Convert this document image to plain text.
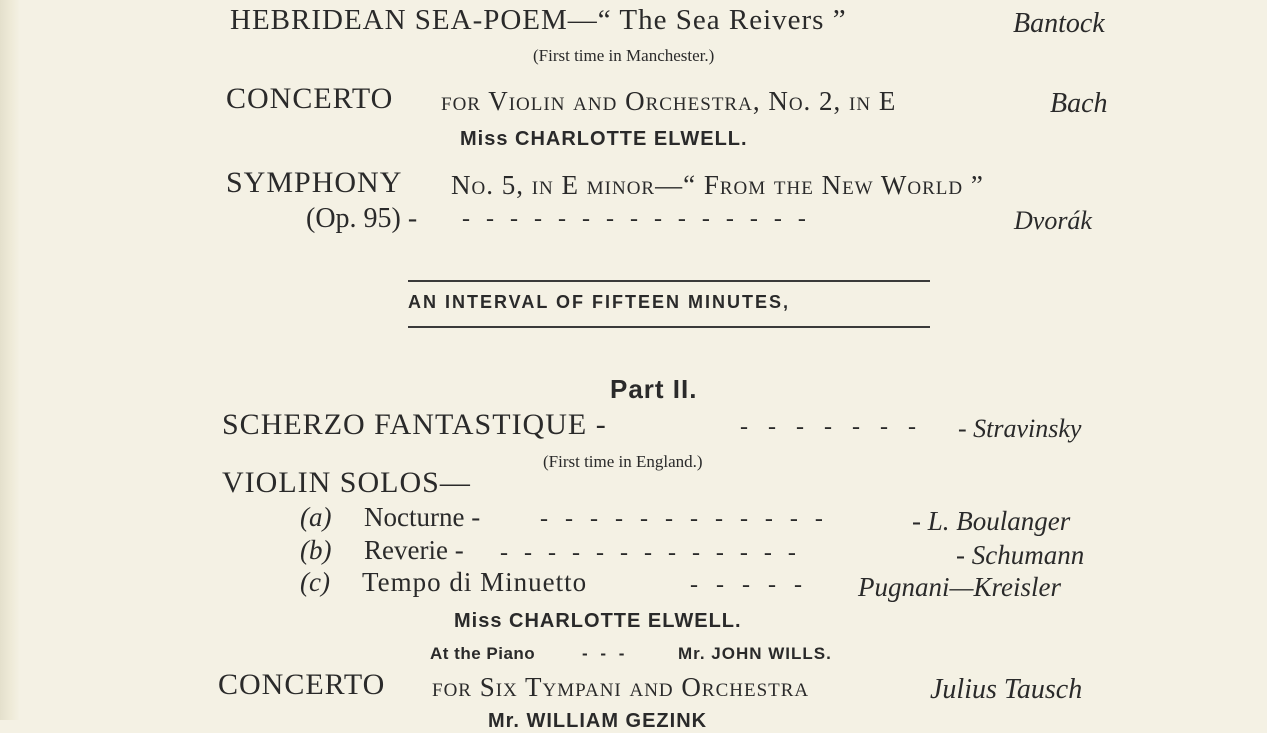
HEBRIDEAN SEA-POEM—“ The Sea Reivers ”	Bantock
(First time in Manchester.)
CONCERTO for Violin and Orchestra, No. 2, in E	Bach
Miss CHARLOTTE ELWELL.
SYMPHONY No. 5, in E minor—“ From the New World ”
(Op. 95) - - - - - - - - - - - - - - - -	Dvorák
AN INTERVAL OF FIFTEEN MINUTES,
Part II.
SCHERZO FANTASTIQUE -	- - - - - - - - Stravinsky
(First time in England.)
VIOLIN SOLOS—
(a) Nocturne - - - - - - - - - - - - -	- L. Boulanger
(b) Reverie - - - - - - - - - - - - - -	- Schumann
(c) Tempo di Minuetto	- - - - - Pugnani—Kreisler
Miss CHARLOTTE ELWELL.
At the Piano	- - -	Mr. JOHN WILLS.
CONCERTO for Six Tympani and Orchestra	Julius Tausch
Mr. WILLIAM GEZINK
